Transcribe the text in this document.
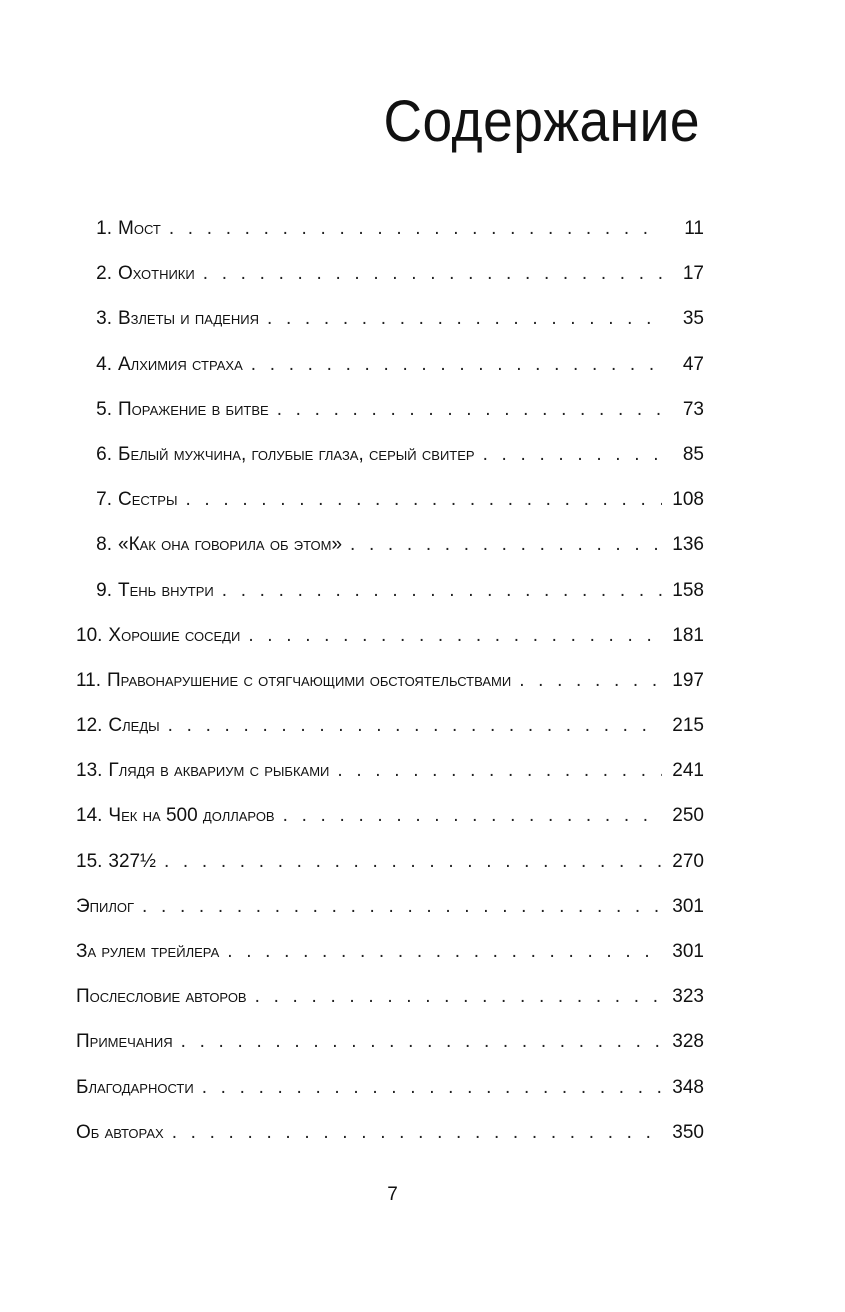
Содержание
1. Мост . . .	11
2. Охотники . . .	17
3. Взлеты и падения . . .	35
4. Алхимия страха . . .	47
5. Поражение в битве . . .	73
6. Белый мужчина, голубые глаза, серый свитер . . .	85
7. Сестры . . .	108
8. «Как она говорила об этом» . . .	136
9. Тень внутри . . .	158
10. Хорошие соседи . . .	181
11. Правонарушение с отягчающими обстоятельствами . . .	197
12. Следы . . .	215
13. Глядя в аквариум с рыбками . . .	241
14. Чек на 500 долларов . . .	250
15. 327½ . . .	270
Эпилог . . .	301
За рулем трейлера . . .	301
Послесловие авторов . . .	323
Примечания . . .	328
Благодарности . . .	348
Об авторах . . .	350
7
